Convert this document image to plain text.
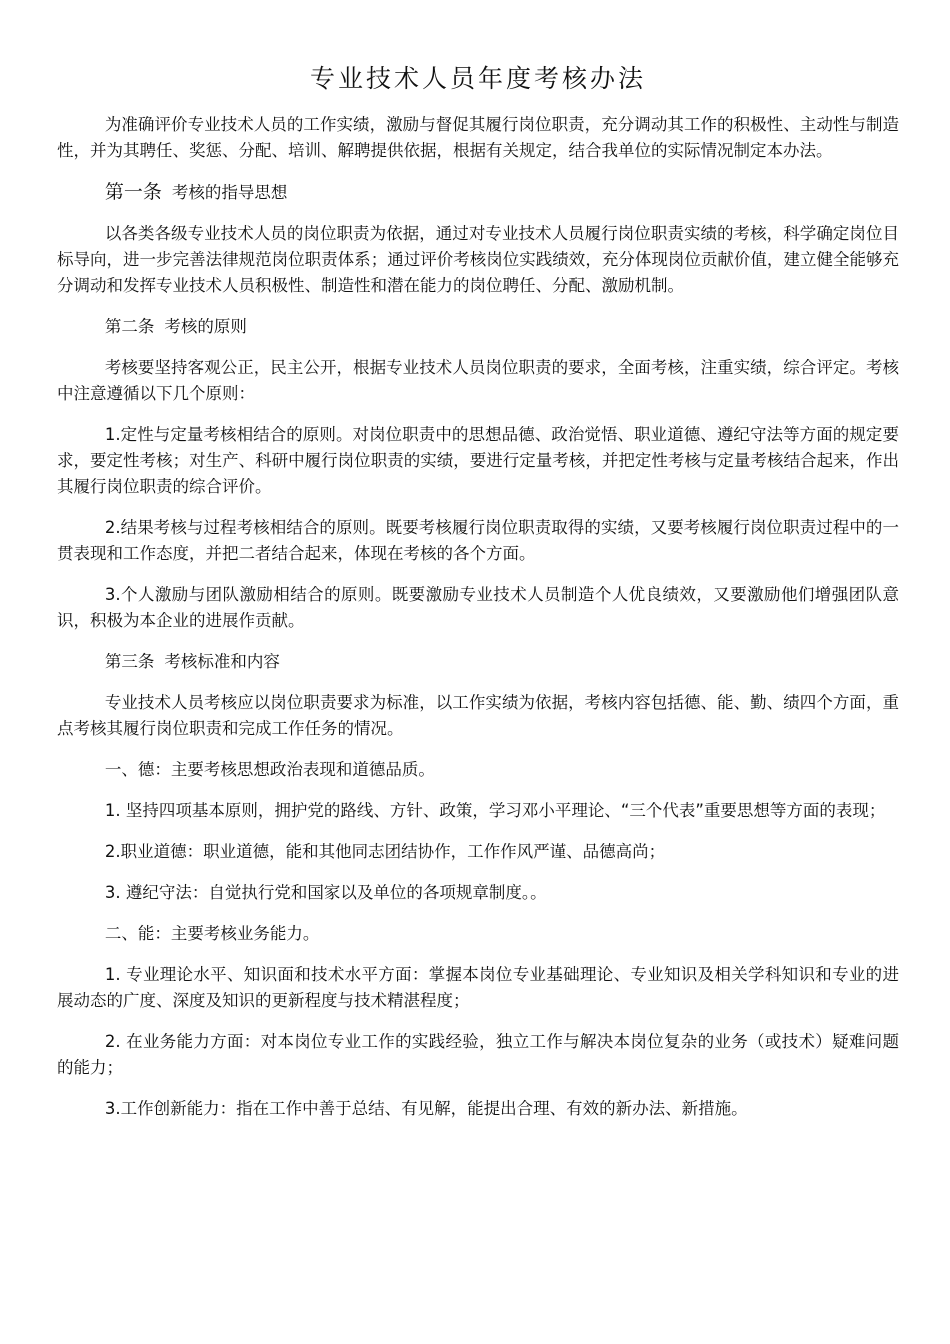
专业技术人员年度考核办法

为准确评价专业技术人员的工作实绩，激励与督促其履行岗位职责，充分调动其工作的积极性、主动性与制造性，并为其聘任、奖惩、分配、培训、解聘提供依据，根据有关规定，结合我单位的实际情况制定本办法。

第一条 考核的指导思想

以各类各级专业技术人员的岗位职责为依据，通过对专业技术人员履行岗位职责实绩的考核，科学确定岗位目标导向，进一步完善法律规范岗位职责体系；通过评价考核岗位实践绩效，充分体现岗位贡献价值，建立健全能够充分调动和发挥专业技术人员积极性、制造性和潜在能力的岗位聘任、分配、激励机制。

第二条 考核的原则

考核要坚持客观公正，民主公开，根据专业技术人员岗位职责的要求，全面考核，注重实绩，综合评定。考核中注意遵循以下几个原则：

1.定性与定量考核相结合的原则。对岗位职责中的思想品德、政治觉悟、职业道德、遵纪守法等方面的规定要求，要定性考核；对生产、科研中履行岗位职责的实绩，要进行定量考核，并把定性考核与定量考核结合起来，作出其履行岗位职责的综合评价。

2.结果考核与过程考核相结合的原则。既要考核履行岗位职责取得的实绩，又要考核履行岗位职责过程中的一贯表现和工作态度，并把二者结合起来，体现在考核的各个方面。

3.个人激励与团队激励相结合的原则。既要激励专业技术人员制造个人优良绩效，又要激励他们增强团队意识，积极为本企业的进展作贡献。

第三条 考核标准和内容

专业技术人员考核应以岗位职责要求为标准，以工作实绩为依据，考核内容包括德、能、勤、绩四个方面，重点考核其履行岗位职责和完成工作任务的情况。

一、德：主要考核思想政治表现和道德品质。

1. 坚持四项基本原则，拥护党的路线、方针、政策，学习邓小平理论、“三个代表”重要思想等方面的表现；

2.职业道德：职业道德，能和其他同志团结协作，工作作风严谨、品德高尚；

3. 遵纪守法：自觉执行党和国家以及单位的各项规章制度。。

二、能：主要考核业务能力。

1. 专业理论水平、知识面和技术水平方面：掌握本岗位专业基础理论、专业知识及相关学科知识和专业的进展动态的广度、深度及知识的更新程度与技术精湛程度；

2. 在业务能力方面：对本岗位专业工作的实践经验，独立工作与解决本岗位复杂的业务（或技术）疑难问题的能力；

3.工作创新能力：指在工作中善于总结、有见解，能提出合理、有效的新办法、新措施。
